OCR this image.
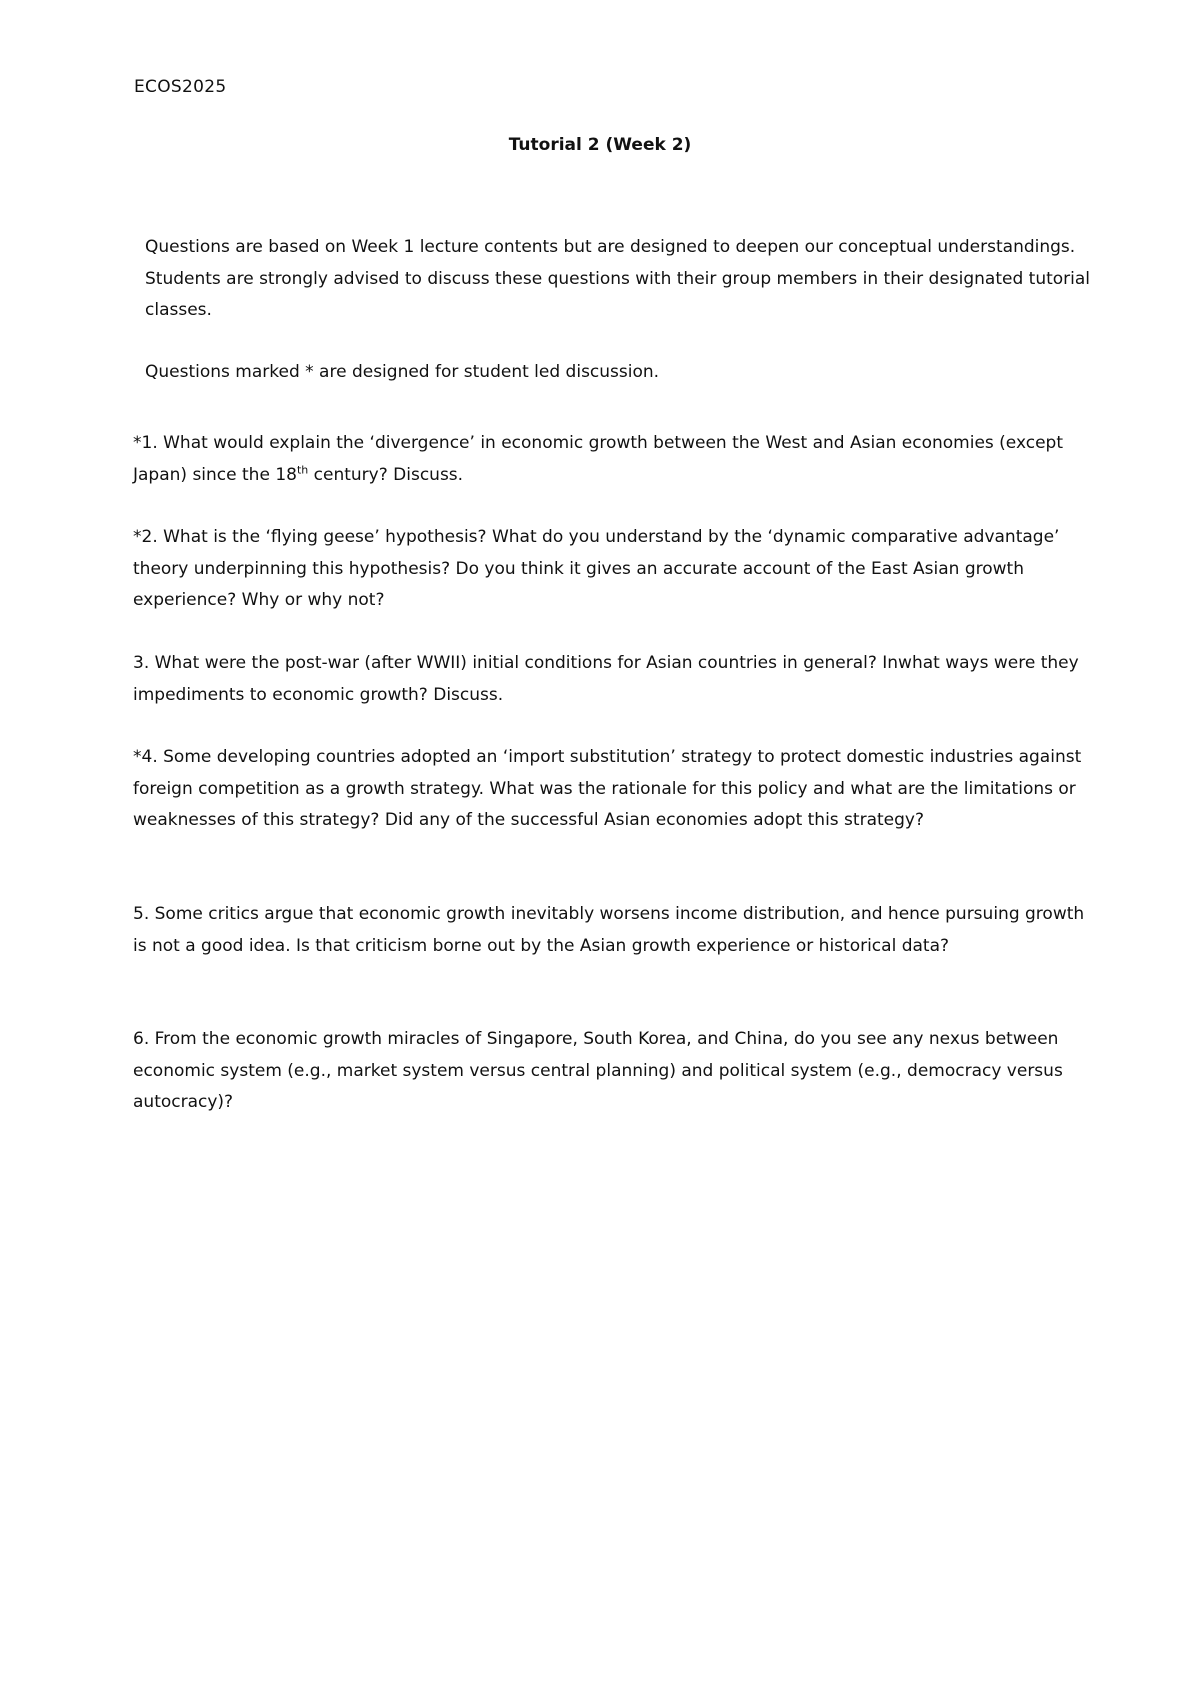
ECOS2025
Tutorial 2 (Week 2)

Questions are based on Week 1 lecture contents but are designed to deepen our conceptual understandings. Students are strongly advised to discuss these questions with their group members in their designated tutorial classes.

Questions marked * are designed for student led discussion.

*1. What would explain the ‘divergence’ in economic growth between the West and Asian economies (except Japan) since the 18th century? Discuss.

*2. What is the ‘flying geese’ hypothesis? What do you understand by the ‘dynamic comparative advantage’ theory underpinning this hypothesis? Do you think it gives an accurate account of the East Asian growth experience? Why or why not?

3. What were the post-war (after WWII) initial conditions for Asian countries in general? Inwhat ways were they impediments to economic growth? Discuss.

*4. Some developing countries adopted an ‘import substitution’ strategy to protect domestic industries against foreign competition as a growth strategy. What was the rationale for this policy and what are the limitations or weaknesses of this strategy? Did any of the successful Asian economies adopt this strategy?

5. Some critics argue that economic growth inevitably worsens income distribution, and hence pursuing growth is not a good idea. Is that criticism borne out by the Asian growth experience or historical data?

6. From the economic growth miracles of Singapore, South Korea, and China, do you see any nexus between economic system (e.g., market system versus central planning) and political system (e.g., democracy versus autocracy)?
